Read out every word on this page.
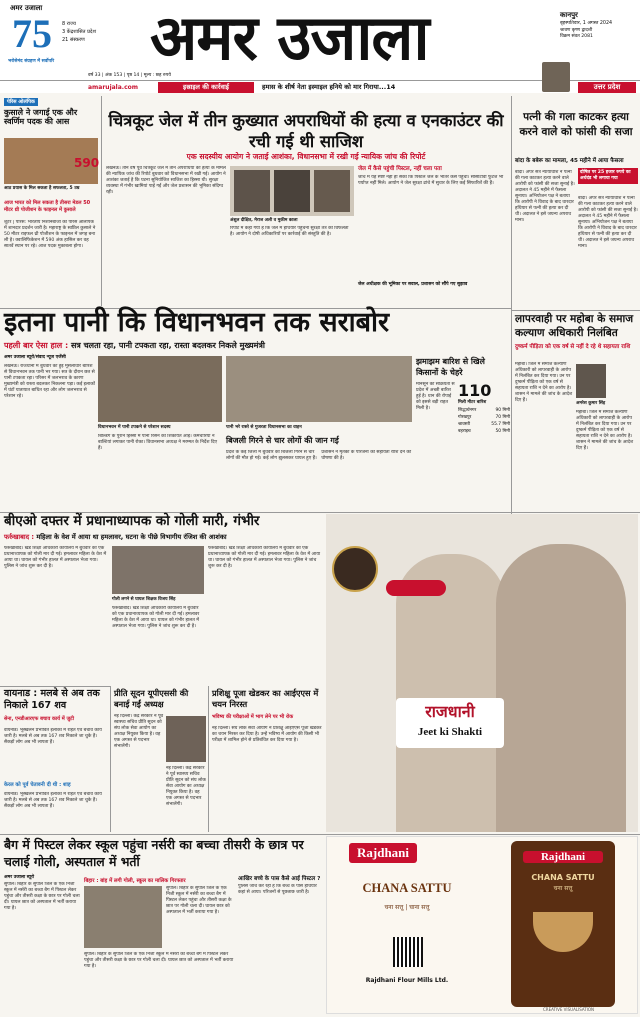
अमर उजाला
75
भरोसेमंद संग्रहण में सर्वोपरि
8 राज्य
3 केंद्रशासित प्रदेश
21 संस्करण	अमर उजाला	कानपुर
बृहस्पतिवार, 1 अगस्त 2024
श्रावण कृष्ण द्वादशी
विक्रम संवत 2081
वर्ष 33 | अंक 153 | पृष्ठ 14 | मूल्य : छह रुपये
amarujala.com	इस्राइल की कार्रवाई	हमास के शीर्ष नेता इस्माइल हनिये को मार गिराया...14	उत्तर प्रदेश
पेरिस ओलंपिक
कुसाले ने जगाई एक और स्वर्णिम पदक की आस
590
आठ प्रयास के मिल सकता है सफलता, 5 उम्र
आज भारत को मिल सकता है तीसरा मेडल 50 मीटर थ्री पोजीशन के फाइनल में कुसाले
शूटर | पेरिस: भारतीय निशानेबाजों का पेरिस ओलंपिक में शानदार प्रदर्शन जारी है। महाराष्ट्र के स्वप्निल कुसाले ने 50 मीटर राइफल थ्री पोजीशन के फाइनल में जगह बना ली है। क्वालिफिकेशन में 590 अंक हासिल कर वह सातवें स्थान पर रहे। आज पदक मुकाबला होगा।
चित्रकूट जेल में तीन कुख्यात अपराधियों की हत्या व एनकाउंटर की रची गई थी साजिश
एक सदस्यीय आयोग ने जताई आशंका, विधानसभा में रखी गई न्यायिक जांच की रिपोर्ट
लखनऊ। तीन वर्ष पूर्व चित्रकूट जेल में तीन अपराधियों की हत्या के मामले की न्यायिक जांच की रिपोर्ट बुधवार को विधानसभा में रखी गई। आयोग ने आशंका जताई है कि घटना सुनियोजित साजिश का हिस्सा थी। सुरक्षा व्यवस्था में गंभीर खामियां पाई गईं और जेल प्रशासन की भूमिका संदिग्ध रही।
अंशुल दीक्षित, मेराज अली व मुकीम काला
रिपोर्ट में कहा गया है कि जेल में हथियार पहुंचना सुरक्षा तंत्र की विफलता है। आयोग ने दोषी अधिकारियों पर कार्रवाई की संस्तुति की है।
जेल में कैसे पहुंची पिस्टल, नहीं चला पता
जांच में यह स्पष्ट नहीं हो सका कि पिस्टल जेल के भीतर कैसे पहुंची। सीसीटीवी फुटेज भी पर्याप्त नहीं मिले। आयोग ने जेल सुरक्षा ढांचे में सुधार के लिए कई सिफारिशें की हैं।
जेल अधीक्षक की भूमिका पर सवाल, प्रशासन को सौंपे गए सुझाव
पत्नी की गला काटकर हत्या करने वाले को फांसी की सजा
बांदा के बबेरू का मामला, 45 महीने में आया फैसला
बांदा। अपर सत्र न्यायाधीश ने पत्नी की गला काटकर हत्या करने वाले आरोपी को फांसी की सजा सुनाई है। अदालत ने 45 महीने में फैसला सुनाया। अभियोजन पक्ष ने बताया कि आरोपी ने विवाद के बाद धारदार हथियार से पत्नी की हत्या कर दी थी। अदालत ने इसे जघन्य अपराध माना।
दोषित पर 25 हजार रुपये का अर्थदंड भी लगाया गया
बांदा। अपर सत्र न्यायाधीश ने पत्नी की गला काटकर हत्या करने वाले आरोपी को फांसी की सजा सुनाई है। अदालत ने 45 महीने में फैसला सुनाया। अभियोजन पक्ष ने बताया कि आरोपी ने विवाद के बाद धारदार हथियार से पत्नी की हत्या कर दी थी। अदालत ने इसे जघन्य अपराध माना।
इतना पानी कि विधानभवन तक सराबोर
पहली बार ऐसा हाल : सत्र चलता रहा, पानी टपकता रहा, रास्ता बदलकर निकले मुख्यमंत्री
अमर उजाला ब्यूरो/संवाद न्यूज एजेंसी
लखनऊ। राजधानी में बुधवार को हुई मूसलाधार बारिश से विधानभवन तक पानी भर गया। सत्र के दौरान छत से पानी टपकता रहा। परिसर में जलभराव के कारण मुख्यमंत्री को रास्ता बदलकर निकलना पड़ा। कई इलाकों में घंटों यातायात बाधित रहा और लोग जलभराव से परेशान रहे।
विधानभवन में पानी टपकने से परेशान सदस्य	पानी भरे रास्ते से गुजरता विधानसभा का वाहन
बिल्डिंग के पुराने हिस्सों में पानी रिसने की शिकायतें आईं। कर्मचारियों ने बाल्टियां लगाकर पानी रोका। विधानसभा अध्यक्ष ने मरम्मत के निर्देश दिए हैं।
झमाझम बारिश से खिले किसानों के चेहरे
मानसून की सक्रियता से प्रदेश में अच्छी बारिश हुई है। धान की रोपाई को इससे बड़ी राहत मिली है।
110
मिली मीटर बारिश
सिद्धार्थनगर	90 मिमी
गोरखपुर	70 मिमी
श्रावस्ती	55.7 मिमी
बहराइच	50 मिमी
बिजली गिरने से चार लोगों की जान गई
प्रदेश के कई जिलों में बुधवार को बिजली गिरने से चार लोगों की मौत हो गई। कई लोग झुलसकर घायल हुए हैं। प्रशासन ने मृतकों के परिजनों को सहायता राशि देने की घोषणा की है।
लापरवाही पर महोबा के समाज कल्याण अधिकारी निलंबित
दुष्कर्म पीड़िता को एक वर्ष से नहीं दे रहे थे सहायता राशि
महोबा। जिले में समाज कल्याण अधिकारी को लापरवाही के आरोप में निलंबित कर दिया गया। उन पर दुष्कर्म पीड़िता को एक वर्ष से सहायता राशि न देने का आरोप है। शासन ने मामले की जांच के आदेश दिए हैं।
अमरेश कुमार सिंह
महोबा। जिले में समाज कल्याण अधिकारी को लापरवाही के आरोप में निलंबित कर दिया गया। उन पर दुष्कर्म पीड़िता को एक वर्ष से सहायता राशि न देने का आरोप है। शासन ने मामले की जांच के आदेश दिए हैं।
बीएओ दफ्तर में प्रधानाध्यापक को गोली मारी, गंभीर
फर्रुखाबाद : महिला के वेश में आया था हमलावर, घटना के पीछे विभागीय रंजिश की आशंका
फर्रुखाबाद। खंड शिक्षा अधिकारी कार्यालय में बुधवार को एक प्रधानाध्यापक को गोली मार दी गई। हमलावर महिला के वेश में आया था। घायल को गंभीर हालत में अस्पताल भेजा गया। पुलिस ने जांच शुरू कर दी है।
गोली लगने से घायल शिक्षक विजय सिंह
फर्रुखाबाद। खंड शिक्षा अधिकारी कार्यालय में बुधवार को एक प्रधानाध्यापक को गोली मार दी गई। हमलावर महिला के वेश में आया था। घायल को गंभीर हालत में अस्पताल भेजा गया। पुलिस ने जांच शुरू कर दी है।
फर्रुखाबाद। खंड शिक्षा अधिकारी कार्यालय में बुधवार को एक प्रधानाध्यापक को गोली मार दी गई। हमलावर महिला के वेश में आया था। घायल को गंभीर हालत में अस्पताल भेजा गया। पुलिस ने जांच शुरू कर दी है।
वायनाड : मलबे से अब तक निकाले 167 शव
सेना, एनडीआरएफ बचाव कार्य में जुटी
वायनाड। भूस्खलन प्रभावित इलाकों में राहत एवं बचाव कार्य जारी है। मलबे से अब तक 167 शव निकाले जा चुके हैं। सैकड़ों लोग अब भी लापता हैं।
केरल को पूर्व चेतावनी दी थी : शाह
वायनाड। भूस्खलन प्रभावित इलाकों में राहत एवं बचाव कार्य जारी है। मलबे से अब तक 167 शव निकाले जा चुके हैं। सैकड़ों लोग अब भी लापता हैं।
प्रीति सूदन यूपीएससी की बनाई गईं अध्यक्ष
नई दिल्ली। केंद्र सरकार ने पूर्व स्वास्थ्य सचिव प्रीति सूदन को संघ लोक सेवा आयोग का अध्यक्ष नियुक्त किया है। वह एक अगस्त से पदभार संभालेंगी।
नई दिल्ली। केंद्र सरकार ने पूर्व स्वास्थ्य सचिव प्रीति सूदन को संघ लोक सेवा आयोग का अध्यक्ष नियुक्त किया है। वह एक अगस्त से पदभार संभालेंगी।
प्रशिक्षु पूजा खेडकर का आईएएस में चयन निरस्त
भविष्य की परीक्षाओं में भाग लेने पर भी रोक
नई दिल्ली। संघ लोक सेवा आयोग ने प्रशिक्षु आईएएस पूजा खेडकर का चयन निरस्त कर दिया है। उन्हें भविष्य में आयोग की किसी भी परीक्षा में शामिल होने से प्रतिबंधित कर दिया गया है।
राजधानी
Jeet ki Shakti
बैग में पिस्टल लेकर स्कूल पहुंचा नर्सरी का बच्चा तीसरी के छात्र पर चलाई गोली, अस्पताल में भर्ती
अमर उजाला ब्यूरो
सुपौल। बिहार के सुपौल जिले के एक निजी स्कूल में नर्सरी का बच्चा बैग में पिस्टल लेकर पहुंचा और तीसरी कक्षा के छात्र पर गोली चला दी। घायल छात्र को अस्पताल में भर्ती कराया गया है।
बिहार : बांह में लगी गोली, स्कूल का मालिक गिरफ्तार
सुपौल। बिहार के सुपौल जिले के एक निजी स्कूल में नर्सरी का बच्चा बैग में पिस्टल लेकर पहुंचा और तीसरी कक्षा के छात्र पर गोली चला दी। घायल छात्र को अस्पताल में भर्ती कराया गया है।
सुपौल। बिहार के सुपौल जिले के एक निजी स्कूल में नर्सरी का बच्चा बैग में पिस्टल लेकर पहुंचा और तीसरी कक्षा के छात्र पर गोली चला दी। घायल छात्र को अस्पताल में भर्ती कराया गया है।
आखिर बच्चे के पास कैसे आई पिस्टल ?
पुलिस जांच कर रही है कि बच्चे के पास हथियार कहां से आया। परिजनों से पूछताछ जारी है।
Rajdhani
CHANA SATTU
चना सत्तू | चाना सत्तु
Rajdhani Flour Mills Ltd.
Rajdhani
CHANA SATTU
चना सत्तू
CREATIVE VISUALISATION
